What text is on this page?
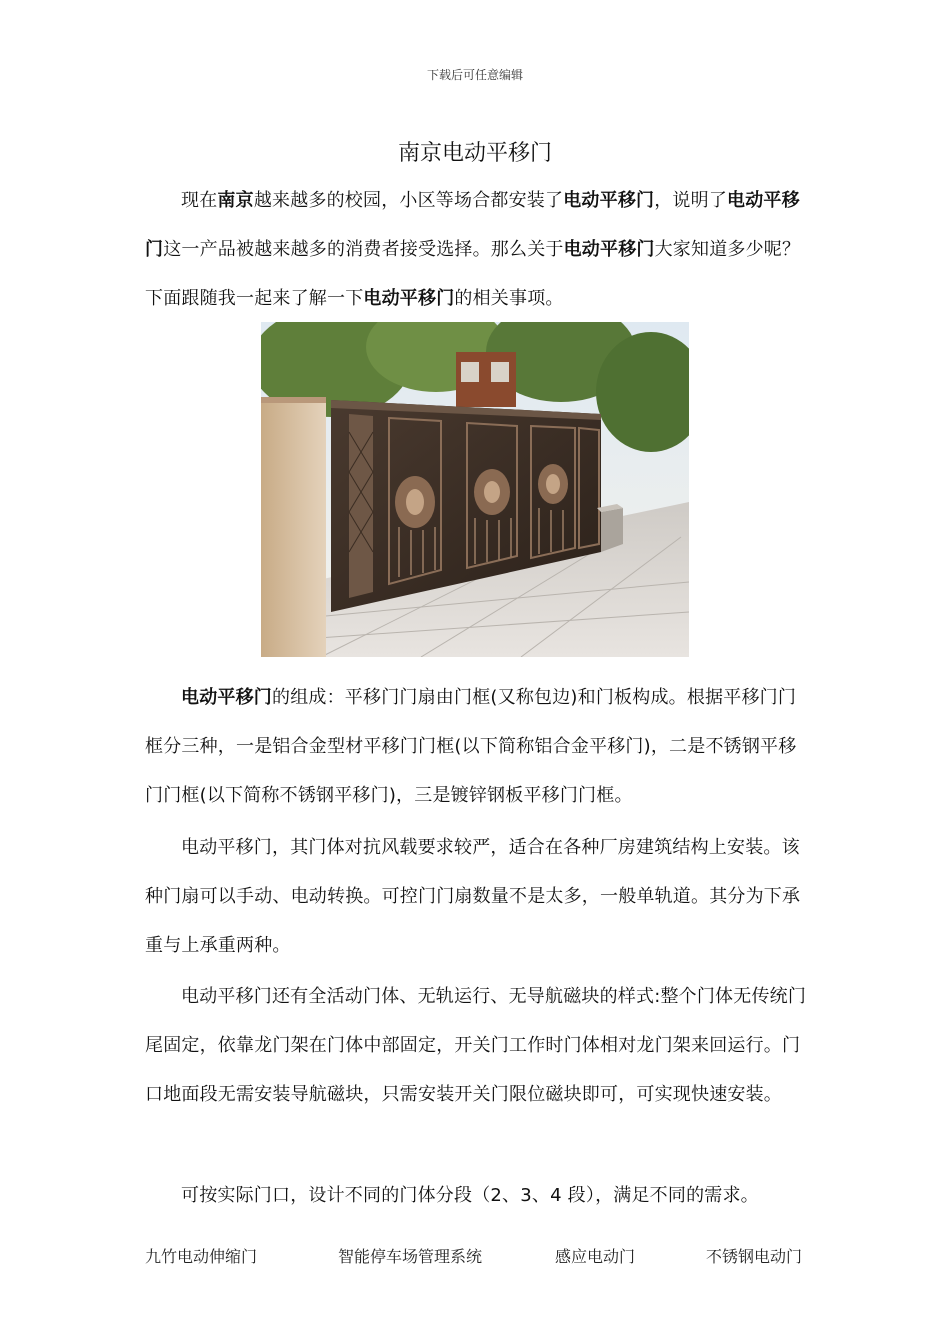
下载后可任意编辑
南京电动平移门

现在南京越来越多的校园，小区等场合都安装了电动平移门，说明了电动平移门这一产品被越来越多的消费者接受选择。那么关于电动平移门大家知道多少呢？下面跟随我一起来了解一下电动平移门的相关事项。

电动平移门的组成：平移门门扇由门框(又称包边)和门板构成。根据平移门门框分三种，一是铝合金型材平移门门框(以下简称铝合金平移门)，二是不锈钢平移门门框(以下简称不锈钢平移门)，三是镀锌钢板平移门门框。

电动平移门，其门体对抗风载要求较严，适合在各种厂房建筑结构上安装。该种门扇可以手动、电动转换。可控门门扇数量不是太多，一般单轨道。其分为下承重与上承重两种。

电动平移门还有全活动门体、无轨运行、无导航磁块的样式:整个门体无传统门尾固定，依靠龙门架在门体中部固定，开关门工作时门体相对龙门架来回运行。门口地面段无需安装导航磁块，只需安装开关门限位磁块即可，可实现快速安装。

可按实际门口，设计不同的门体分段（2、3、4 段），满足不同的需求。

九竹电动伸缩门	智能停车场管理系统	感应电动门	不锈钢电动门
